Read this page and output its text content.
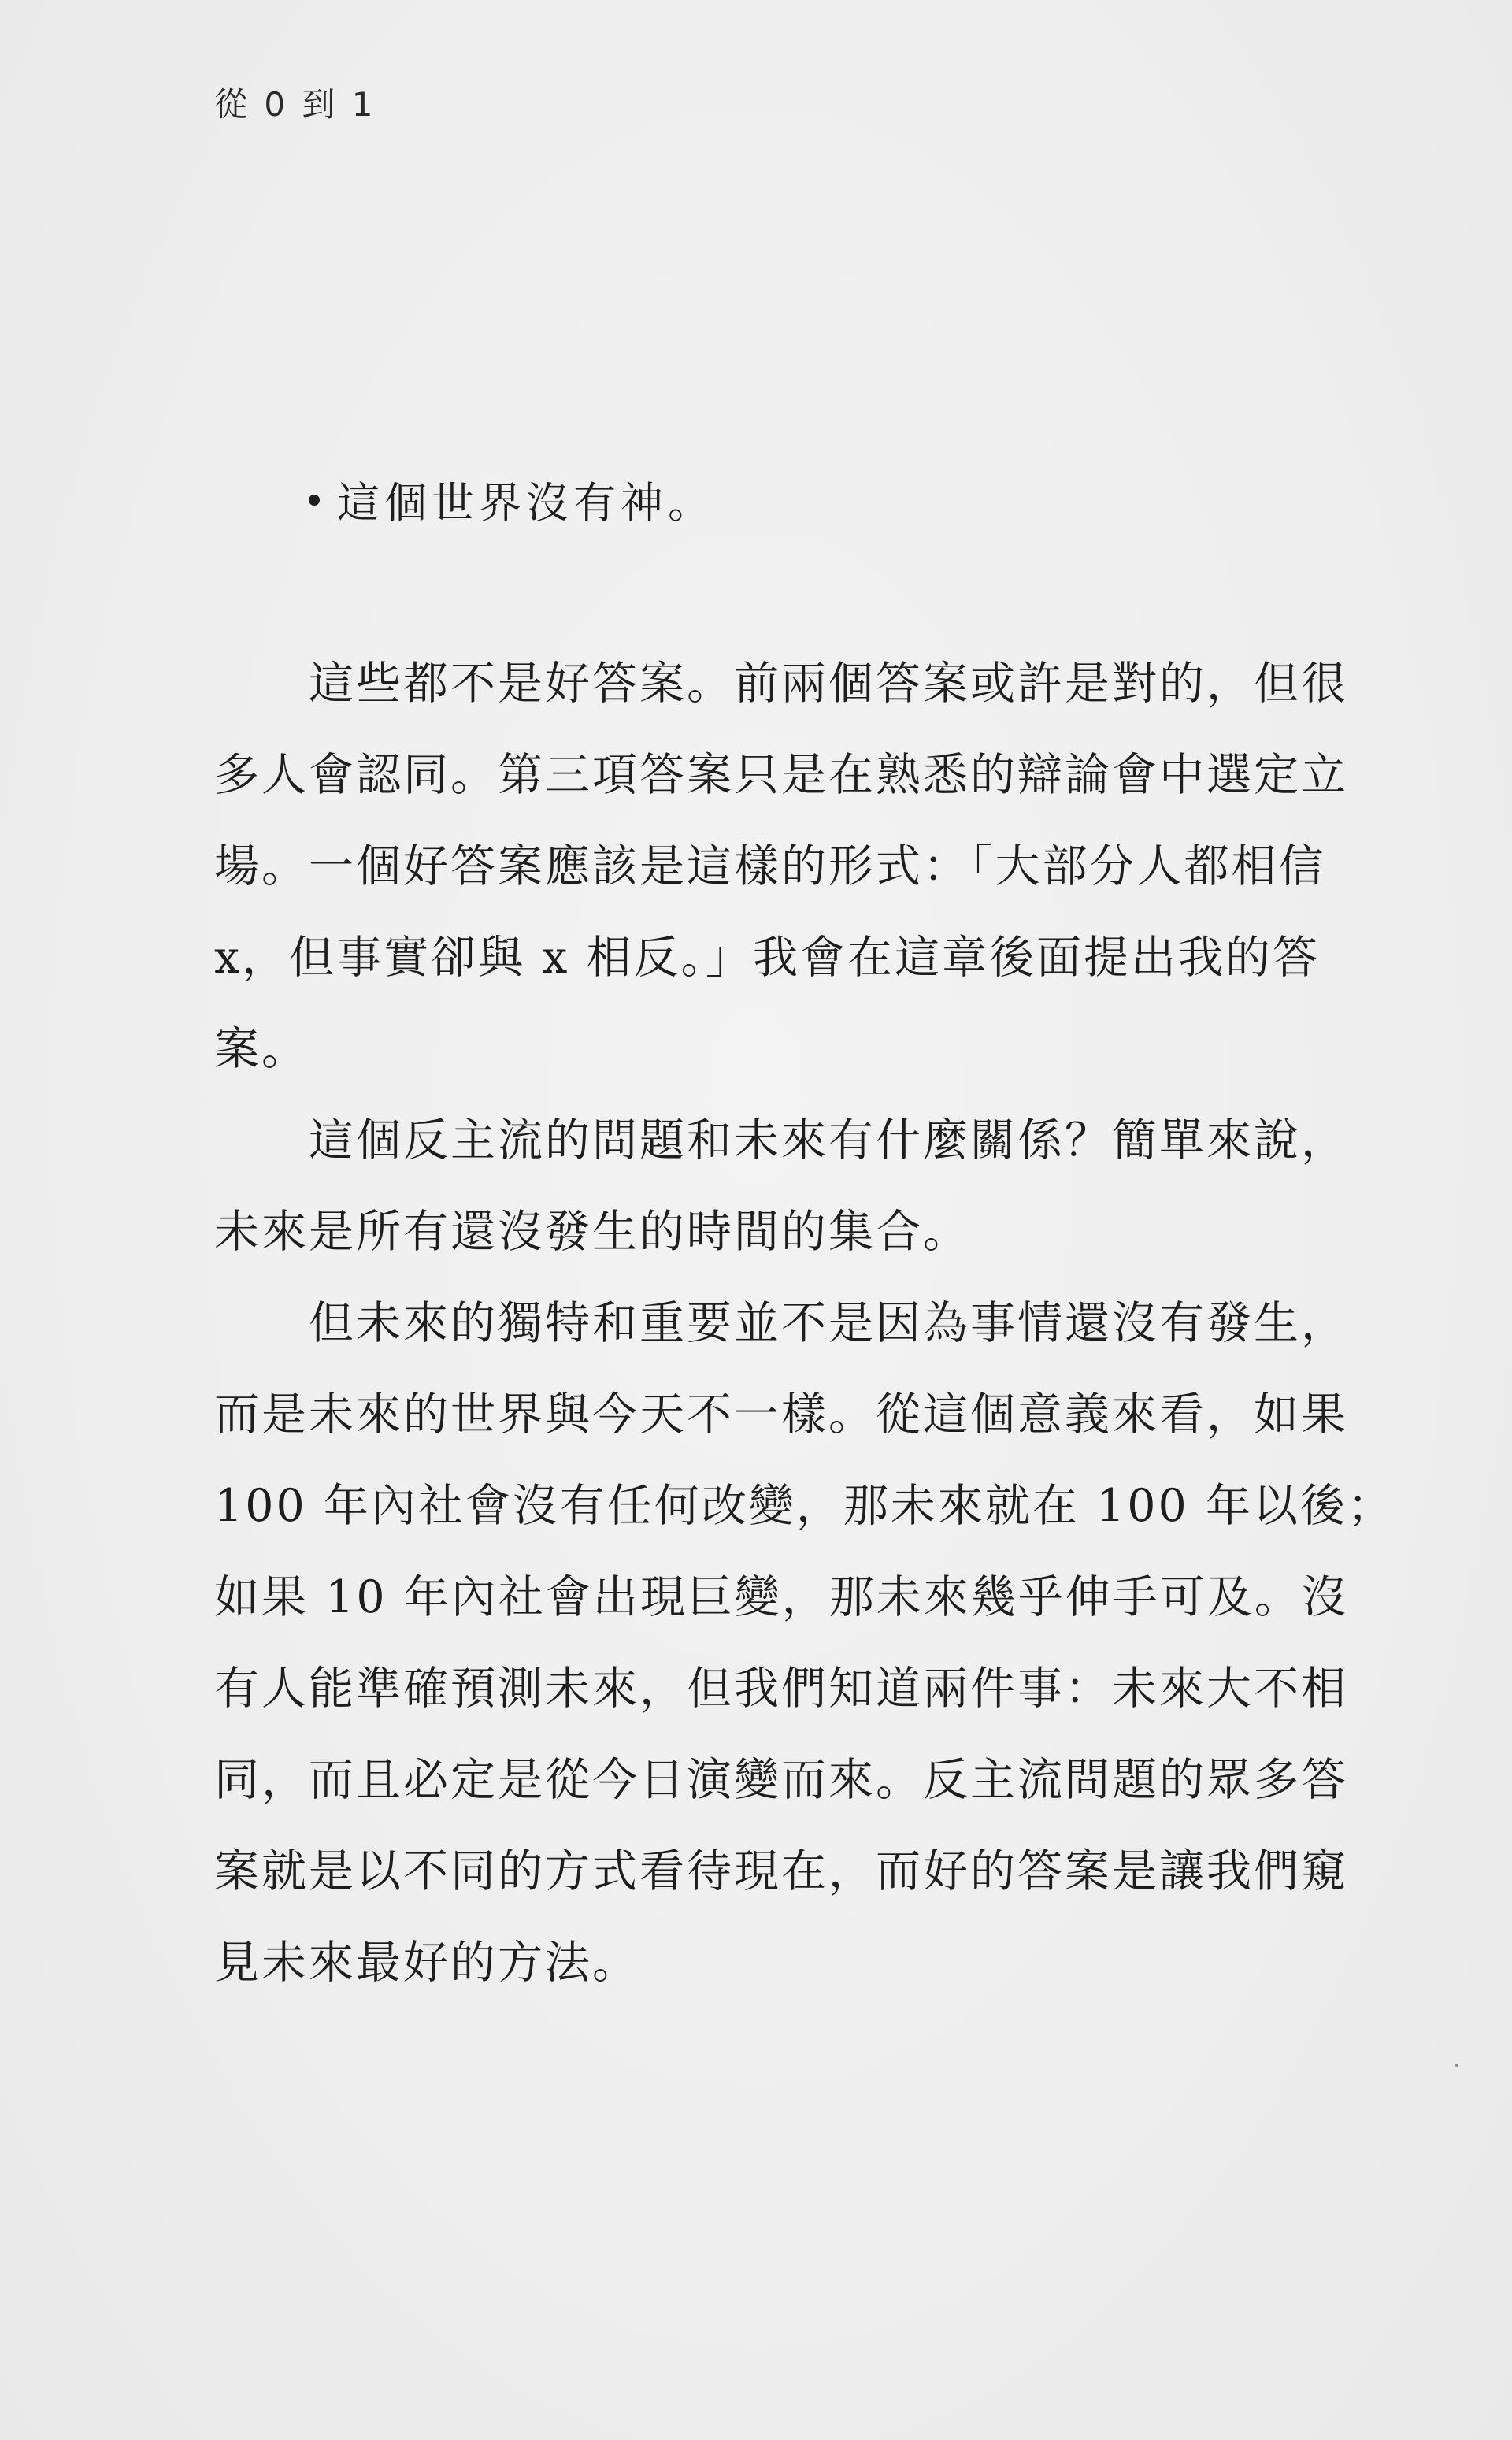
從 0 到 1
這個世界沒有神。
這些都不是好答案。前兩個答案或許是對的，但很
多人會認同。第三項答案只是在熟悉的辯論會中選定立
場。一個好答案應該是這樣的形式：「大部分人都相信
x，但事實卻與 x 相反。」我會在這章後面提出我的答
案。
這個反主流的問題和未來有什麼關係？簡單來說，
未來是所有還沒發生的時間的集合。
但未來的獨特和重要並不是因為事情還沒有發生，
而是未來的世界與今天不一樣。從這個意義來看，如果
100 年內社會沒有任何改變，那未來就在 100 年以後；
如果 10 年內社會出現巨變，那未來幾乎伸手可及。沒
有人能準確預測未來，但我們知道兩件事：未來大不相
同，而且必定是從今日演變而來。反主流問題的眾多答
案就是以不同的方式看待現在，而好的答案是讓我們窺
見未來最好的方法。
